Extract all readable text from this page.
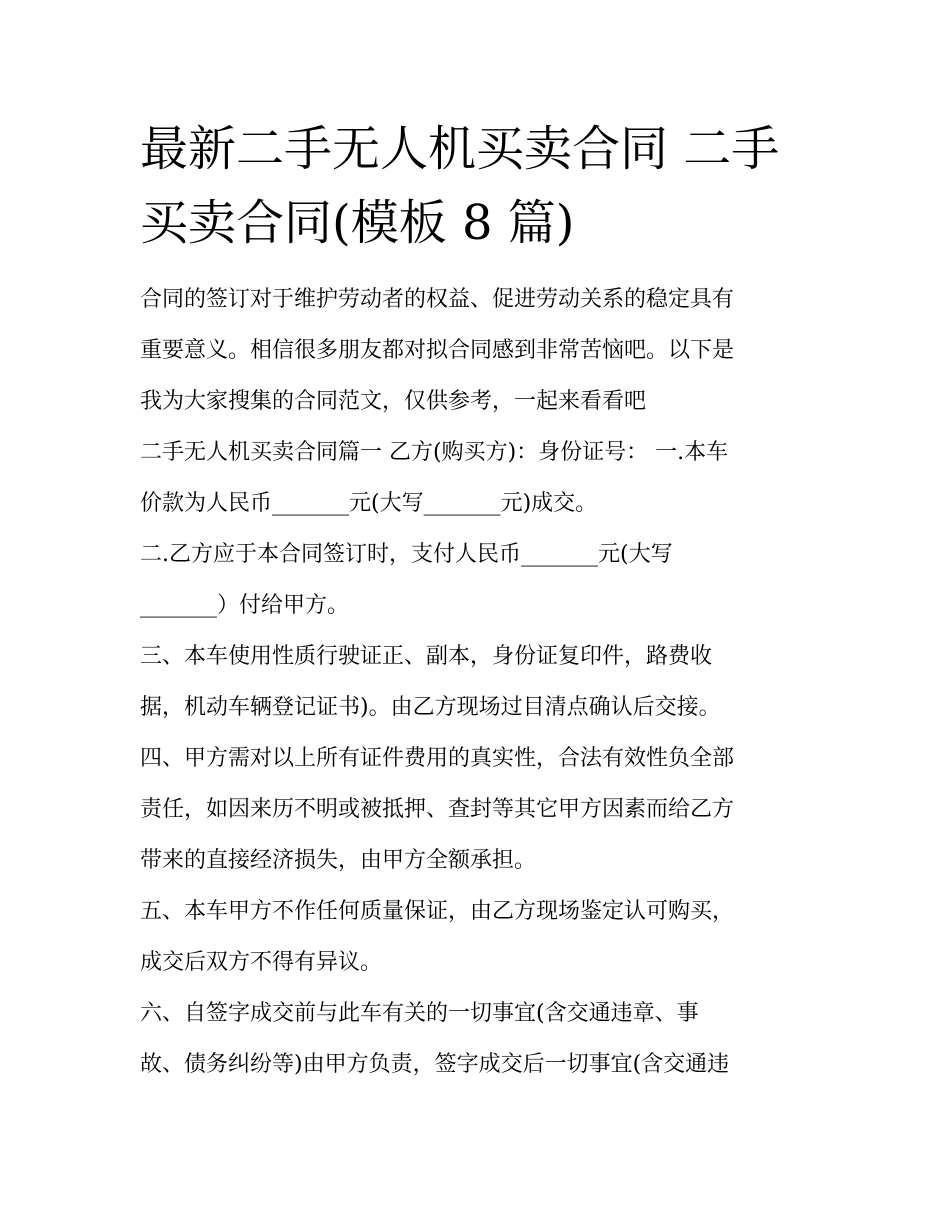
最新二手无人机买卖合同 二手
买卖合同(模板 8 篇)
合同的签订对于维护劳动者的权益、促进劳动关系的稳定具有
重要意义。相信很多朋友都对拟合同感到非常苦恼吧。以下是
我为大家搜集的合同范文，仅供参考，一起来看看吧
二手无人机买卖合同篇一 乙方(购买方)：身份证号： 一.本车
价款为人民币_______元(大写_______元)成交。
二.乙方应于本合同签订时，支付人民币_______元(大写
_______）付给甲方。
三、本车使用性质行驶证正、副本，身份证复印件，路费收
据，机动车辆登记证书)。由乙方现场过目清点确认后交接。
四、甲方需对以上所有证件费用的真实性，合法有效性负全部
责任，如因来历不明或被抵押、查封等其它甲方因素而给乙方
带来的直接经济损失，由甲方全额承担。
五、本车甲方不作任何质量保证，由乙方现场鉴定认可购买，
成交后双方不得有异议。
六、自签字成交前与此车有关的一切事宜(含交通违章、事
故、债务纠纷等)由甲方负责，签字成交后一切事宜(含交通违
